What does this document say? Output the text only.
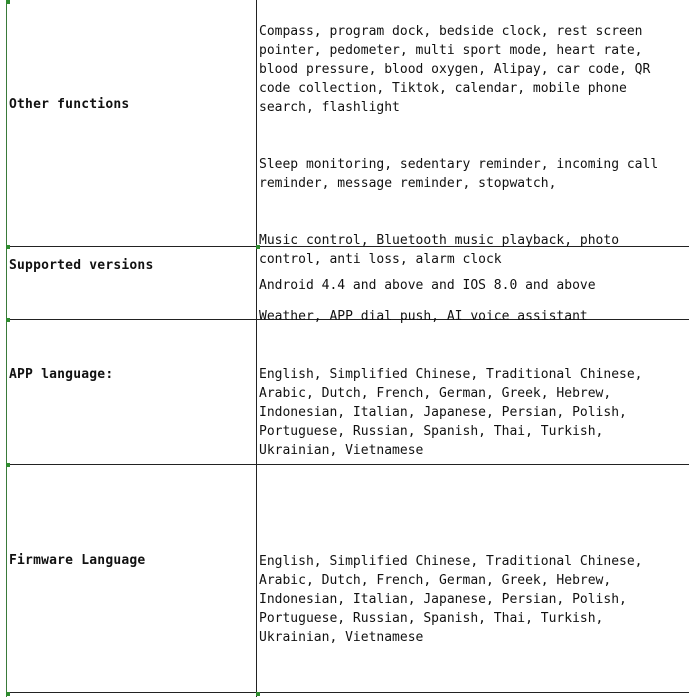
Other functions

Compass, program dock, bedside clock, rest screen
pointer, pedometer, multi sport mode, heart rate,
blood pressure, blood oxygen, Alipay, car code, QR
code collection, Tiktok, calendar, mobile phone
search, flashlight

Sleep monitoring, sedentary reminder, incoming call
reminder, message reminder, stopwatch,

Music control, Bluetooth music playback, photo
control, anti loss, alarm clock

Weather, APP dial push, AI voice assistant

Supported versions

Android 4.4 and above and IOS 8.0 and above

APP language:	English, Simplified Chinese, Traditional Chinese,
Arabic, Dutch, French, German, Greek, Hebrew,
Indonesian, Italian, Japanese, Persian, Polish,
Portuguese, Russian, Spanish, Thai, Turkish,
Ukrainian, Vietnamese

Firmware Language	English, Simplified Chinese, Traditional Chinese,
Arabic, Dutch, French, German, Greek, Hebrew,
Indonesian, Italian, Japanese, Persian, Polish,
Portuguese, Russian, Spanish, Thai, Turkish,
Ukrainian, Vietnamese
